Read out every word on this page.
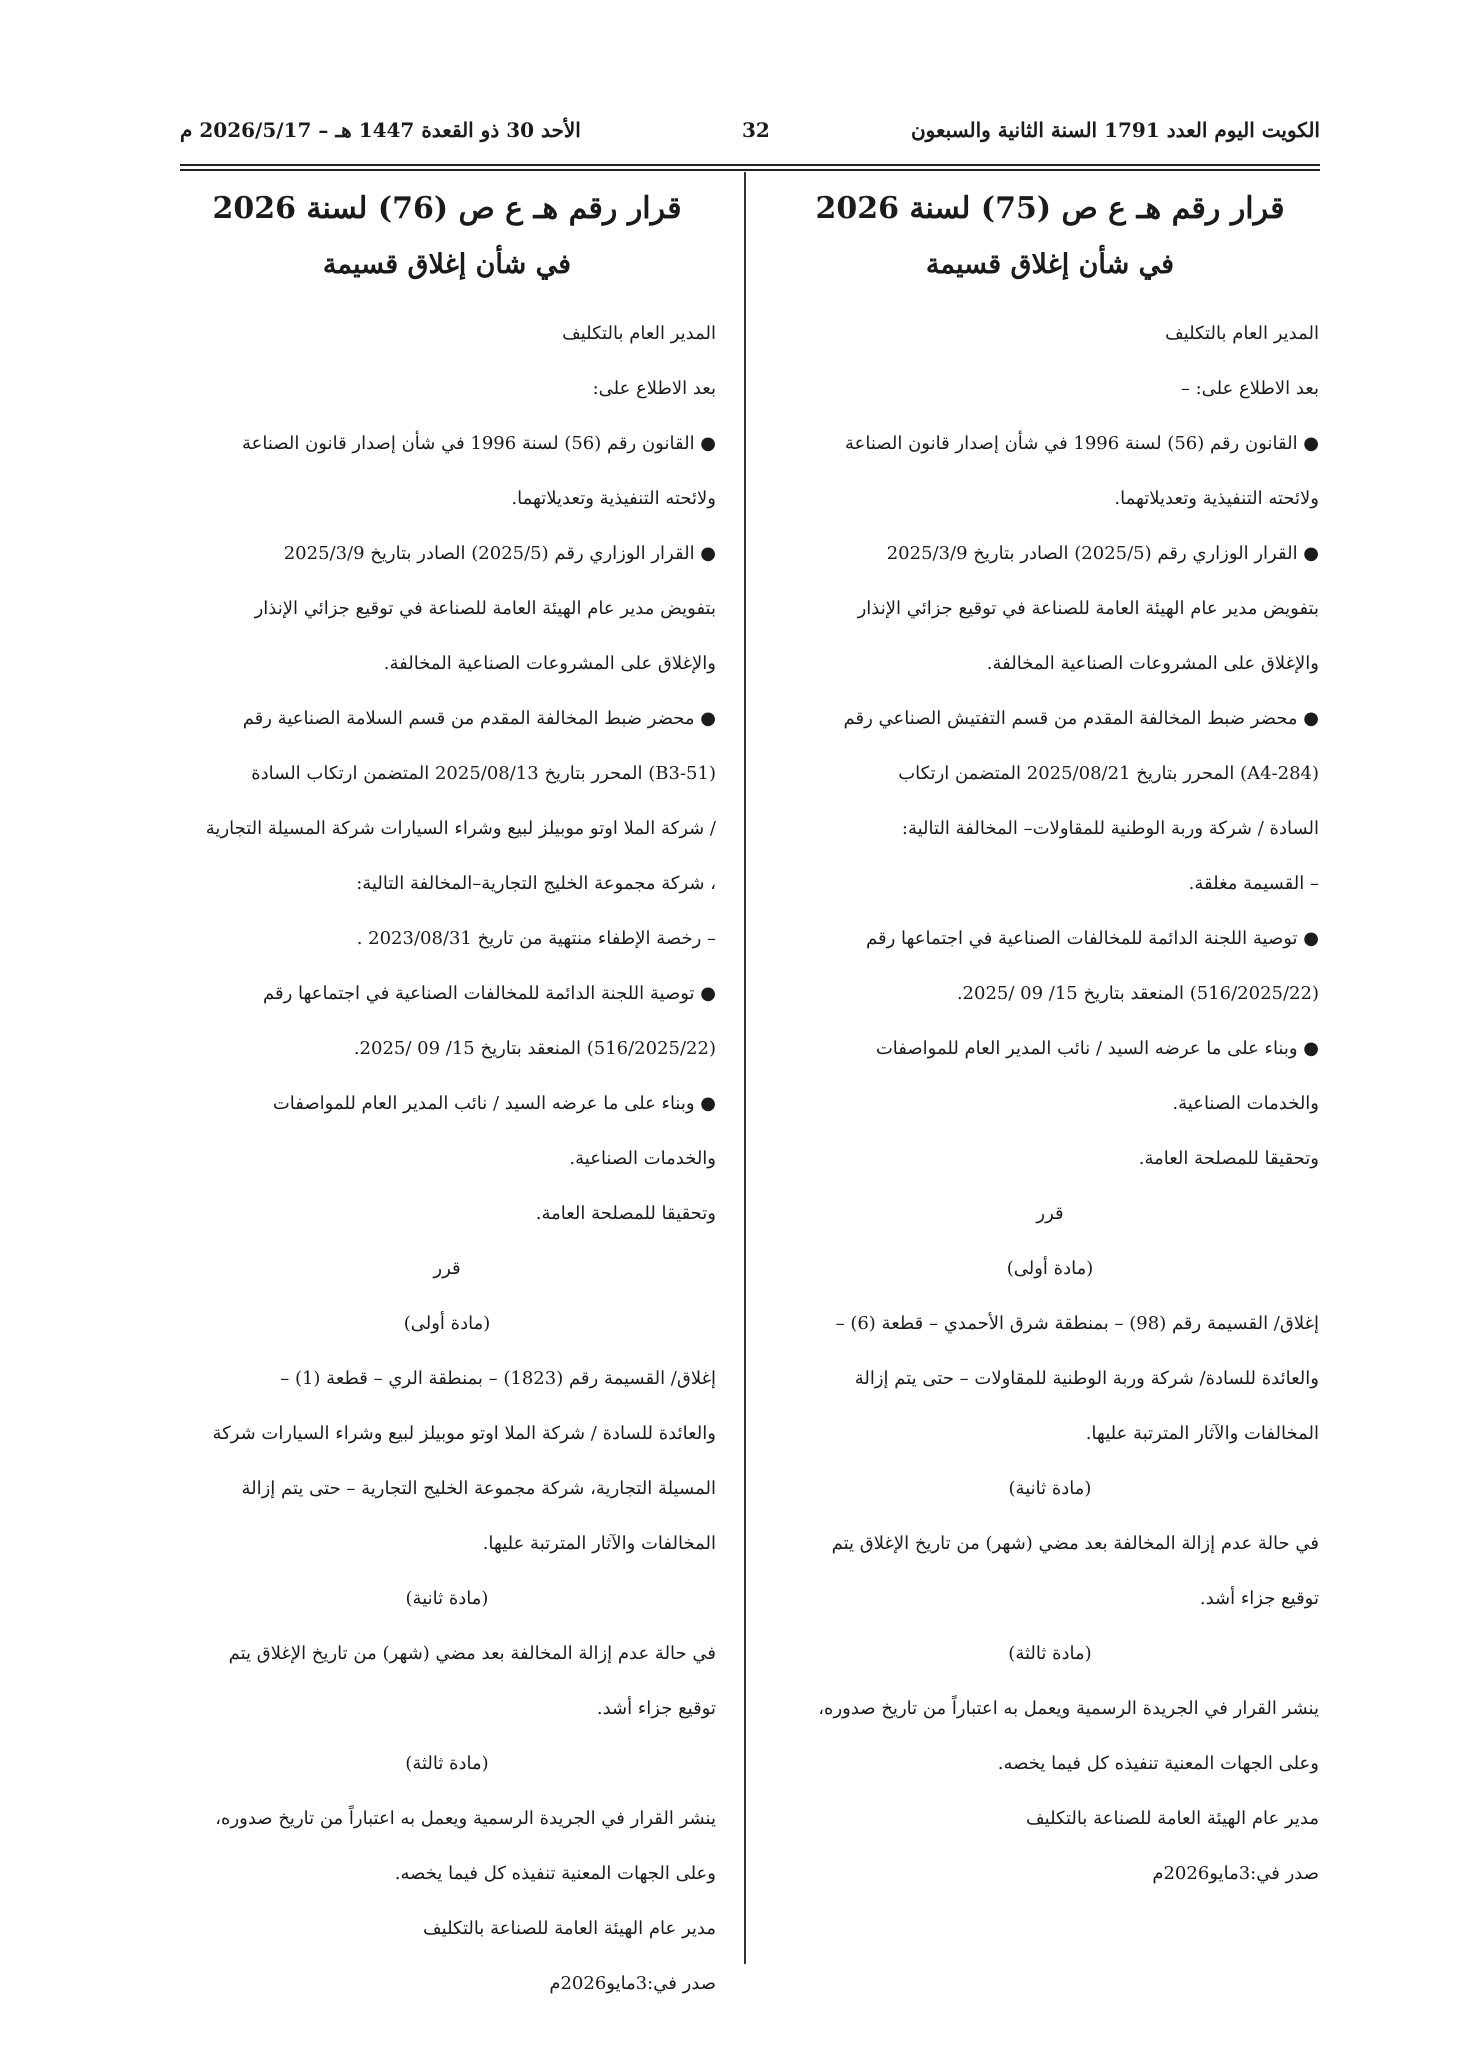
الكويت اليوم العدد 1791 السنة الثانية والسبعون
32
الأحد 30 ذو القعدة 1447 هـ – 2026/5/17 م
قرار رقم هـ ع ص (75) لسنة 2026
في شأن إغلاق قسيمة

المدير العام بالتكليف

بعد الاطلاع على: –

● القانون رقم (56) لسنة 1996 في شأن إصدار قانون الصناعة

ولائحته التنفيذية وتعديلاتهما.

● القرار الوزاري رقم (2025/5) الصادر بتاريخ 2025/3/9

بتفويض مدير عام الهيئة العامة للصناعة في توقيع جزائي الإنذار

والإغلاق على المشروعات الصناعية المخالفة.

● محضر ضبط المخالفة المقدم من قسم التفتيش الصناعي رقم

(A4-284) المحرر بتاريخ 2025/08/21 المتضمن ارتكاب

السادة / شركة وربة الوطنية للمقاولات– المخالفة التالية:

– القسيمة مغلقة.

● توصية اللجنة الدائمة للمخالفات الصناعية في اجتماعها رقم

(516/2025/22) المنعقد بتاريخ 15/ 09 /2025.

● وبناء على ما عرضه السيد / نائب المدير العام للمواصفات

والخدمات الصناعية.

وتحقيقا للمصلحة العامة.

قرر

(مادة أولى)

إغلاق/ القسيمة رقم (98) – بمنطقة شرق الأحمدي – قطعة (6) –

والعائدة للسادة/ شركة وربة الوطنية للمقاولات – حتى يتم إزالة

المخالفات والآثار المترتبة عليها.

(مادة ثانية)

في حالة عدم إزالة المخالفة بعد مضي (شهر) من تاريخ الإغلاق يتم

توقيع جزاء أشد.

(مادة ثالثة)

ينشر القرار في الجريدة الرسمية ويعمل به اعتباراً من تاريخ صدوره،

وعلى الجهات المعنية تنفيذه كل فيما يخصه.

مدير عام الهيئة العامة للصناعة بالتكليف

صدر في:3مايو2026م

قرار رقم هـ ع ص (76) لسنة 2026
في شأن إغلاق قسيمة

المدير العام بالتكليف

بعد الاطلاع على:

● القانون رقم (56) لسنة 1996 في شأن إصدار قانون الصناعة

ولائحته التنفيذية وتعديلاتهما.

● القرار الوزاري رقم (2025/5) الصادر بتاريخ 2025/3/9

بتفويض مدير عام الهيئة العامة للصناعة في توقيع جزائي الإنذار

والإغلاق على المشروعات الصناعية المخالفة.

● محضر ضبط المخالفة المقدم من قسم السلامة الصناعية رقم

(B3-51) المحرر بتاريخ 2025/08/13 المتضمن ارتكاب السادة

/ شركة الملا اوتو موبيلز لبيع وشراء السيارات شركة المسيلة التجارية

، شركة مجموعة الخليج التجارية–المخالفة التالية:

– رخصة الإطفاء منتهية من تاريخ 2023/08/31 .

● توصية اللجنة الدائمة للمخالفات الصناعية في اجتماعها رقم

(516/2025/22) المنعقد بتاريخ 15/ 09 /2025.

● وبناء على ما عرضه السيد / نائب المدير العام للمواصفات

والخدمات الصناعية.

وتحقيقا للمصلحة العامة.

قرر

(مادة أولى)

إغلاق/ القسيمة رقم (1823) – بمنطقة الري – قطعة (1) –

والعائدة للسادة / شركة الملا اوتو موبيلز لبيع وشراء السيارات شركة

المسيلة التجارية، شركة مجموعة الخليج التجارية – حتى يتم إزالة

المخالفات والآثار المترتبة عليها.

(مادة ثانية)

في حالة عدم إزالة المخالفة بعد مضي (شهر) من تاريخ الإغلاق يتم

توقيع جزاء أشد.

(مادة ثالثة)

ينشر القرار في الجريدة الرسمية ويعمل به اعتباراً من تاريخ صدوره،

وعلى الجهات المعنية تنفيذه كل فيما يخصه.

مدير عام الهيئة العامة للصناعة بالتكليف

صدر في:3مايو2026م
